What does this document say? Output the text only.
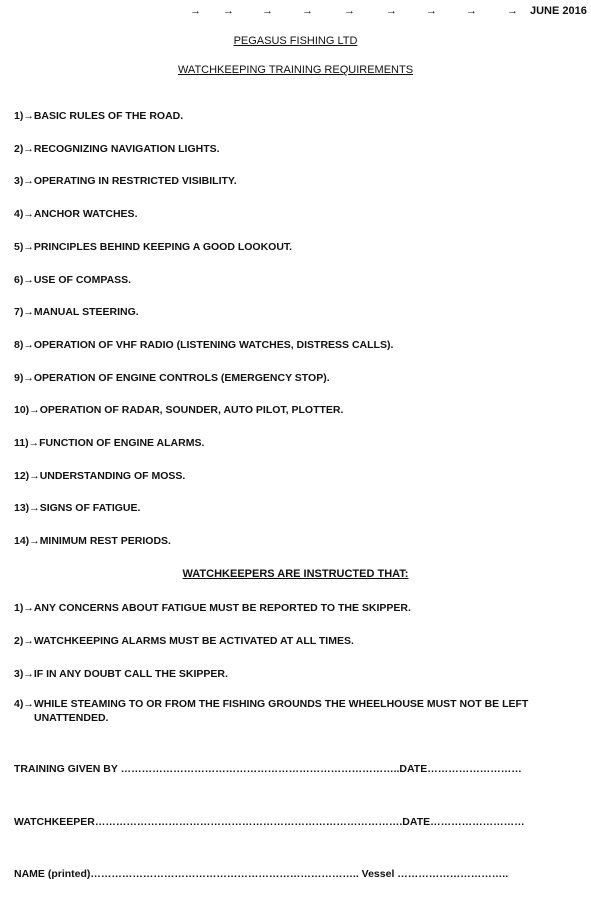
→ →	→	→	→	→	→	→	→ JUNE 2016
PEGASUS FISHING LTD
WATCHKEEPING TRAINING REQUIREMENTS
1)→BASIC RULES OF THE ROAD.
2)→RECOGNIZING NAVIGATION LIGHTS.
3)→OPERATING IN RESTRICTED VISIBILITY.
4)→ANCHOR WATCHES.
5)→PRINCIPLES BEHIND KEEPING A GOOD LOOKOUT.
6)→USE OF COMPASS.
7)→MANUAL STEERING.
8)→OPERATION OF VHF RADIO (LISTENING WATCHES, DISTRESS CALLS).
9)→OPERATION OF ENGINE CONTROLS (EMERGENCY STOP).
10)→OPERATION OF RADAR, SOUNDER, AUTO PILOT, PLOTTER.
11)→FUNCTION OF ENGINE ALARMS.
12)→UNDERSTANDING OF MOSS.
13)→SIGNS OF FATIGUE.
14)→MINIMUM REST PERIODS.
WATCHKEEPERS ARE INSTRUCTED THAT:
1)→ANY CONCERNS ABOUT FATIGUE MUST BE REPORTED TO THE SKIPPER.
2)→WATCHKEEPING ALARMS MUST BE ACTIVATED AT ALL TIMES.
3)→IF IN ANY DOUBT CALL THE SKIPPER.
4)→WHILE STEAMING TO OR FROM THE FISHING GROUNDS THE WHEELHOUSE MUST NOT BE LEFT
UNATTENDED.
TRAINING GIVEN BY ……………………………………………………………………..DATE………………………
WATCHKEEPER…………………………………………………………………………….DATE………………………
NAME (printed)………………………………………………………………….. Vessel …………………………..
